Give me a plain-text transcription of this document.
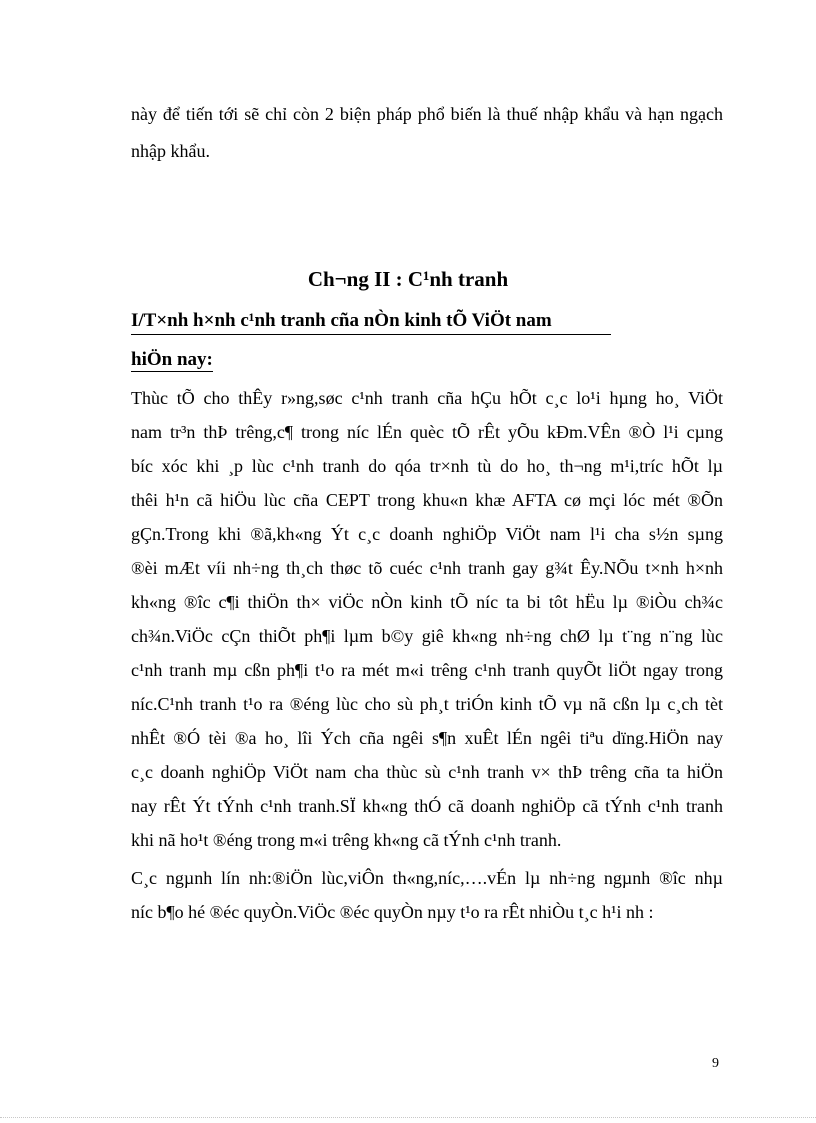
này để tiến tới sẽ chỉ còn 2 biện pháp phổ biến là thuế nhập khẩu và hạn ngạch
nhập khẩu.
Ch¬ng II : C¹nh tranh
I/T×nh h×nh c¹nh tranh cña nÒn kinh tÕ ViÖt nam
hiÖn nay:
Thùc tÕ cho thÊy r»ng,søc c¹nh tranh cña hÇu hÕt c¸c lo¹i hµng ho¸ ViÖt
nam tr³n thÞ trêng,c¶ trong níc lÉn quèc tÕ rÊt yÕu kÐm.VÊn ®Ò l¹i cµng
bíc xóc khi ¸p lùc c¹nh tranh do qóa tr×nh tù do ho¸ th¬ng m¹i,tríc hÕt lµ
thêi h¹n cã hiÖu lùc cña CEPT trong khu«n khæ AFTA cø mçi lóc mét ®Õn
gÇn.Trong khi ®ã,kh«ng Ýt c¸c doanh nghiÖp ViÖt nam l¹i cha s½n sµng
®èi mÆt víi nh÷ng th¸ch thøc tõ cuéc c¹nh tranh gay g¾t Êy.NÕu t×nh h×nh
kh«ng ®îc c¶i thiÖn th× viÖc nÒn kinh tÕ níc ta bi tôt hËu lµ ®iÒu ch¾c
ch¾n.ViÖc cÇn thiÕt ph¶i lµm b©y giê kh«ng nh÷ng chØ lµ t¨ng n¨ng lùc
c¹nh tranh mµ cßn ph¶i t¹o ra mét m«i trêng c¹nh tranh quyÕt liÖt ngay trong
níc.C¹nh tranh t¹o ra ®éng lùc cho sù ph¸t triÓn kinh tÕ vµ nã cßn lµ c¸ch tèt
nhÊt ®Ó tèi ®a ho¸ lîi Ých cña ngêi s¶n xuÊt lÉn ngêi tiªu dïng.HiÖn nay
c¸c doanh nghiÖp ViÖt nam cha thùc sù c¹nh tranh v× thÞ trêng cña ta hiÖn
nay rÊt Ýt tÝnh c¹nh tranh.SÏ kh«ng thÓ cã doanh nghiÖp cã tÝnh c¹nh tranh
khi nã ho¹t ®éng trong m«i trêng kh«ng cã tÝnh c¹nh tranh.
C¸c ngµnh lín nh:®iÖn lùc,viÔn th«ng,níc,….vÉn lµ nh÷ng ngµnh ®îc nhµ
níc b¶o hé ®éc quyÒn.ViÖc ®éc quyÒn nµy t¹o ra rÊt nhiÒu t¸c h¹i nh :
9
